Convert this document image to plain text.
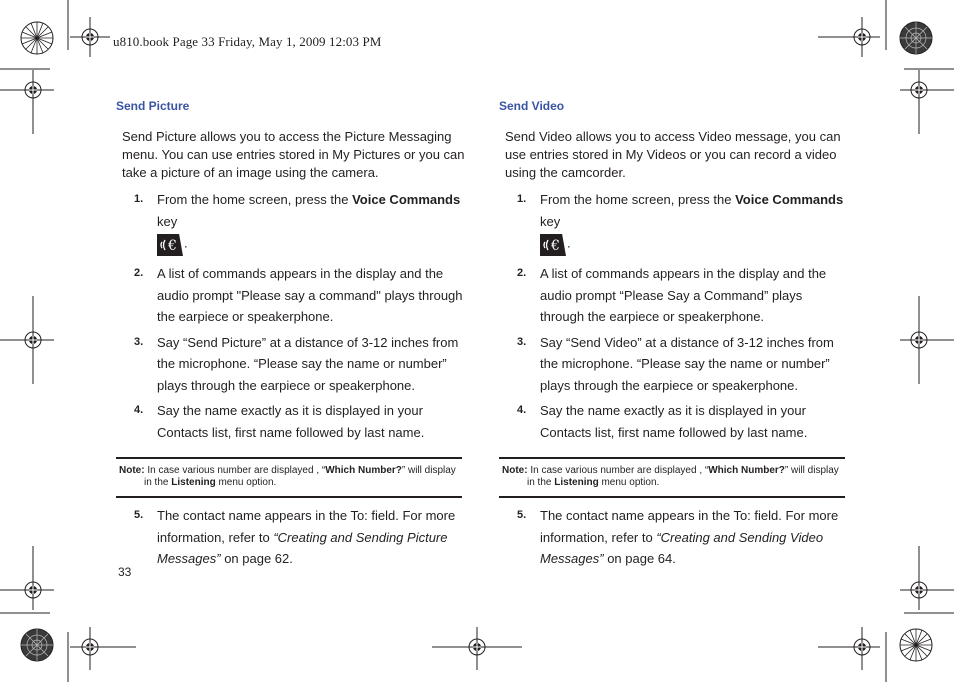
u810.book Page 33 Friday, May 1, 2009 12:03 PM
Send Picture
Send Picture allows you to access the Picture Messaging menu. You can use entries stored in My Pictures or you can take a picture of an image using the camera.
1. From the home screen, press the Voice Commands key

€ .
2. A list of commands appears in the display and the audio prompt "Please say a command" plays through the earpiece or speakerphone.
3. Say “Send Picture” at a distance of 3-12 inches from the microphone. “Please say the name or number” plays through the earpiece or speakerphone.
4. Say the name exactly as it is displayed in your Contacts list, first name followed by last name.
Note: In case various number are displayed , “Which Number?” will display
in the Listening menu option.
5. The contact name appears in the To: field. For more information, refer to “Creating and Sending Picture Messages” on page 62.
Send Video
Send Video allows you to access Video message, you can use entries stored in My Videos or you can record a video using the camcorder.
1. From the home screen, press the Voice Commands key

€ .
2. A list of commands appears in the display and the audio prompt “Please Say a Command” plays through the earpiece or speakerphone.
3. Say “Send Video” at a distance of 3-12 inches from the microphone. “Please say the name or number” plays through the earpiece or speakerphone.
4. Say the name exactly as it is displayed in your Contacts list, first name followed by last name.
Note: In case various number are displayed , “Which Number?” will display
in the Listening menu option.
5. The contact name appears in the To: field. For more information, refer to “Creating and Sending Video Messages” on page 64.
33
